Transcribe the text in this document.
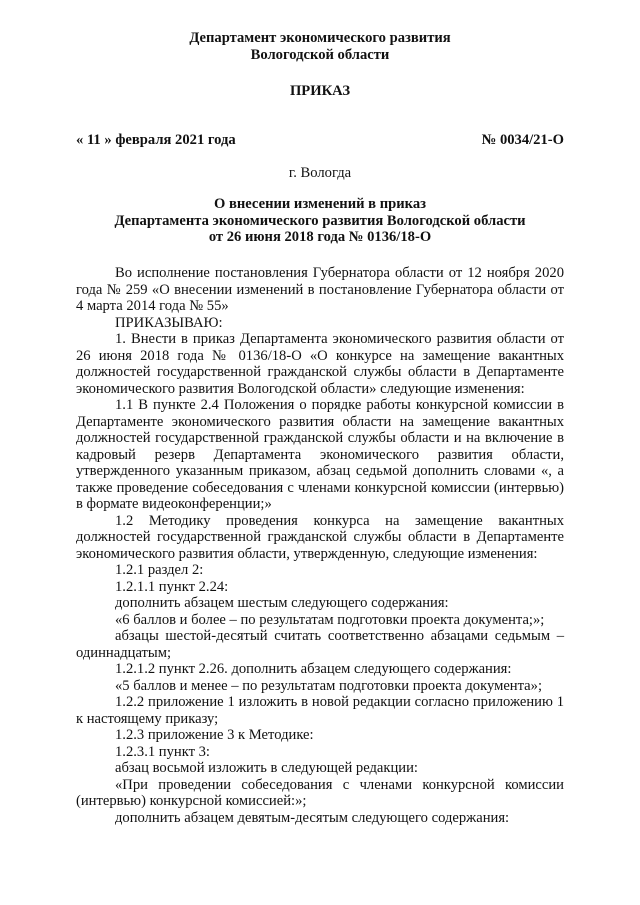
Департамент экономического развития
Вологодской области
ПРИКАЗ
« 11 » февраля 2021 года	№ 0034/21-О
г. Вологда
О внесении изменений в приказ
Департамента экономического развития Вологодской области
от 26 июня 2018 года № 0136/18-О

Во исполнение постановления Губернатора области от 12 ноября 2020 года № 259 «О внесении изменений в постановление Губернатора области от 4 марта 2014 года № 55»

ПРИКАЗЫВАЮ:

1. Внести в приказ Департамента экономического развития области от 26 июня 2018 года № 0136/18-О «О конкурсе на замещение вакантных должностей государственной гражданской службы области в Департаменте экономического развития Вологодской области» следующие изменения:

1.1 В пункте 2.4 Положения о порядке работы конкурсной комиссии в Департаменте экономического развития области на замещение вакантных должностей государственной гражданской службы области и на включение в кадровый резерв Департамента экономического развития области, утвержденного указанным приказом, абзац седьмой дополнить словами «, а также проведение собеседования с членами конкурсной комиссии (интервью) в формате видеоконференции;»

1.2 Методику проведения конкурса на замещение вакантных должностей государственной гражданской службы области в Департаменте экономического развития области, утвержденную, следующие изменения:

1.2.1 раздел 2:

1.2.1.1 пункт 2.24:

дополнить абзацем шестым следующего содержания:

«6 баллов и более – по результатам подготовки проекта документа;»;

абзацы шестой-десятый считать соответственно абзацами седьмым – одиннадцатым;

1.2.1.2 пункт 2.26. дополнить абзацем следующего содержания:

«5 баллов и менее – по результатам подготовки проекта документа»;

1.2.2 приложение 1 изложить в новой редакции согласно приложению 1 к настоящему приказу;

1.2.3 приложение 3 к Методике:

1.2.3.1 пункт 3:

абзац восьмой изложить в следующей редакции:

«При проведении собеседования с членами конкурсной комиссии (интервью) конкурсной комиссией:»;

дополнить абзацем девятым-десятым следующего содержания:
